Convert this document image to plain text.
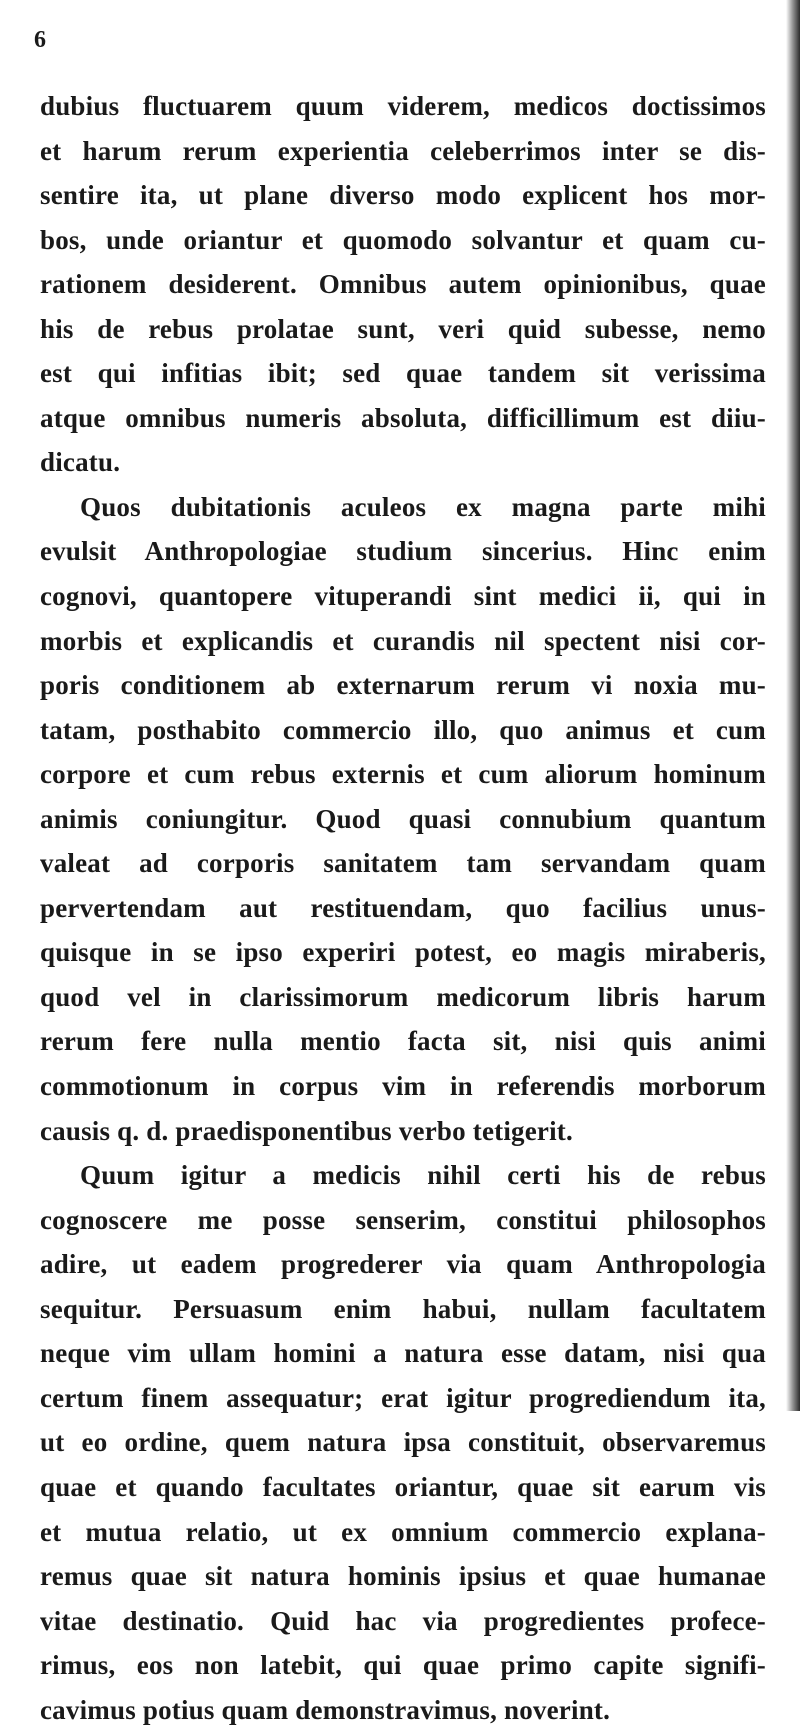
6
dubius fluctuarem quum viderem, medicos doctissimos
et harum rerum experientia celeberrimos inter se dis-
sentire ita, ut plane diverso modo explicent hos mor-
bos, unde oriantur et quomodo solvantur et quam cu-
rationem desiderent. Omnibus autem opinionibus, quae
his de rebus prolatae sunt, veri quid subesse, nemo
est qui infitias ibit; sed quae tandem sit verissima
atque omnibus numeris absoluta, difficillimum est diiu-
dicatu.
Quos dubitationis aculeos ex magna parte mihi
evulsit Anthropologiae studium sincerius. Hinc enim
cognovi, quantopere vituperandi sint medici ii, qui in
morbis et explicandis et curandis nil spectent nisi cor-
poris conditionem ab externarum rerum vi noxia mu-
tatam, posthabito commercio illo, quo animus et cum
corpore et cum rebus externis et cum aliorum hominum
animis coniungitur. Quod quasi connubium quantum
valeat ad corporis sanitatem tam servandam quam
pervertendam aut restituendam, quo facilius unus-
quisque in se ipso experiri potest, eo magis miraberis,
quod vel in clarissimorum medicorum libris harum
rerum fere nulla mentio facta sit, nisi quis animi
commotionum in corpus vim in referendis morborum
causis q. d. praedisponentibus verbo tetigerit.
Quum igitur a medicis nihil certi his de rebus
cognoscere me posse senserim, constitui philosophos
adire, ut eadem progrederer via quam Anthropologia
sequitur. Persuasum enim habui, nullam facultatem
neque vim ullam homini a natura esse datam, nisi qua
certum finem assequatur; erat igitur progrediendum ita,
ut eo ordine, quem natura ipsa constituit, observaremus
quae et quando facultates oriantur, quae sit earum vis
et mutua relatio, ut ex omnium commercio explana-
remus quae sit natura hominis ipsius et quae humanae
vitae destinatio. Quid hac via progredientes profece-
rimus, eos non latebit, qui quae primo capite signifi-
cavimus potius quam demonstravimus, noverint.
